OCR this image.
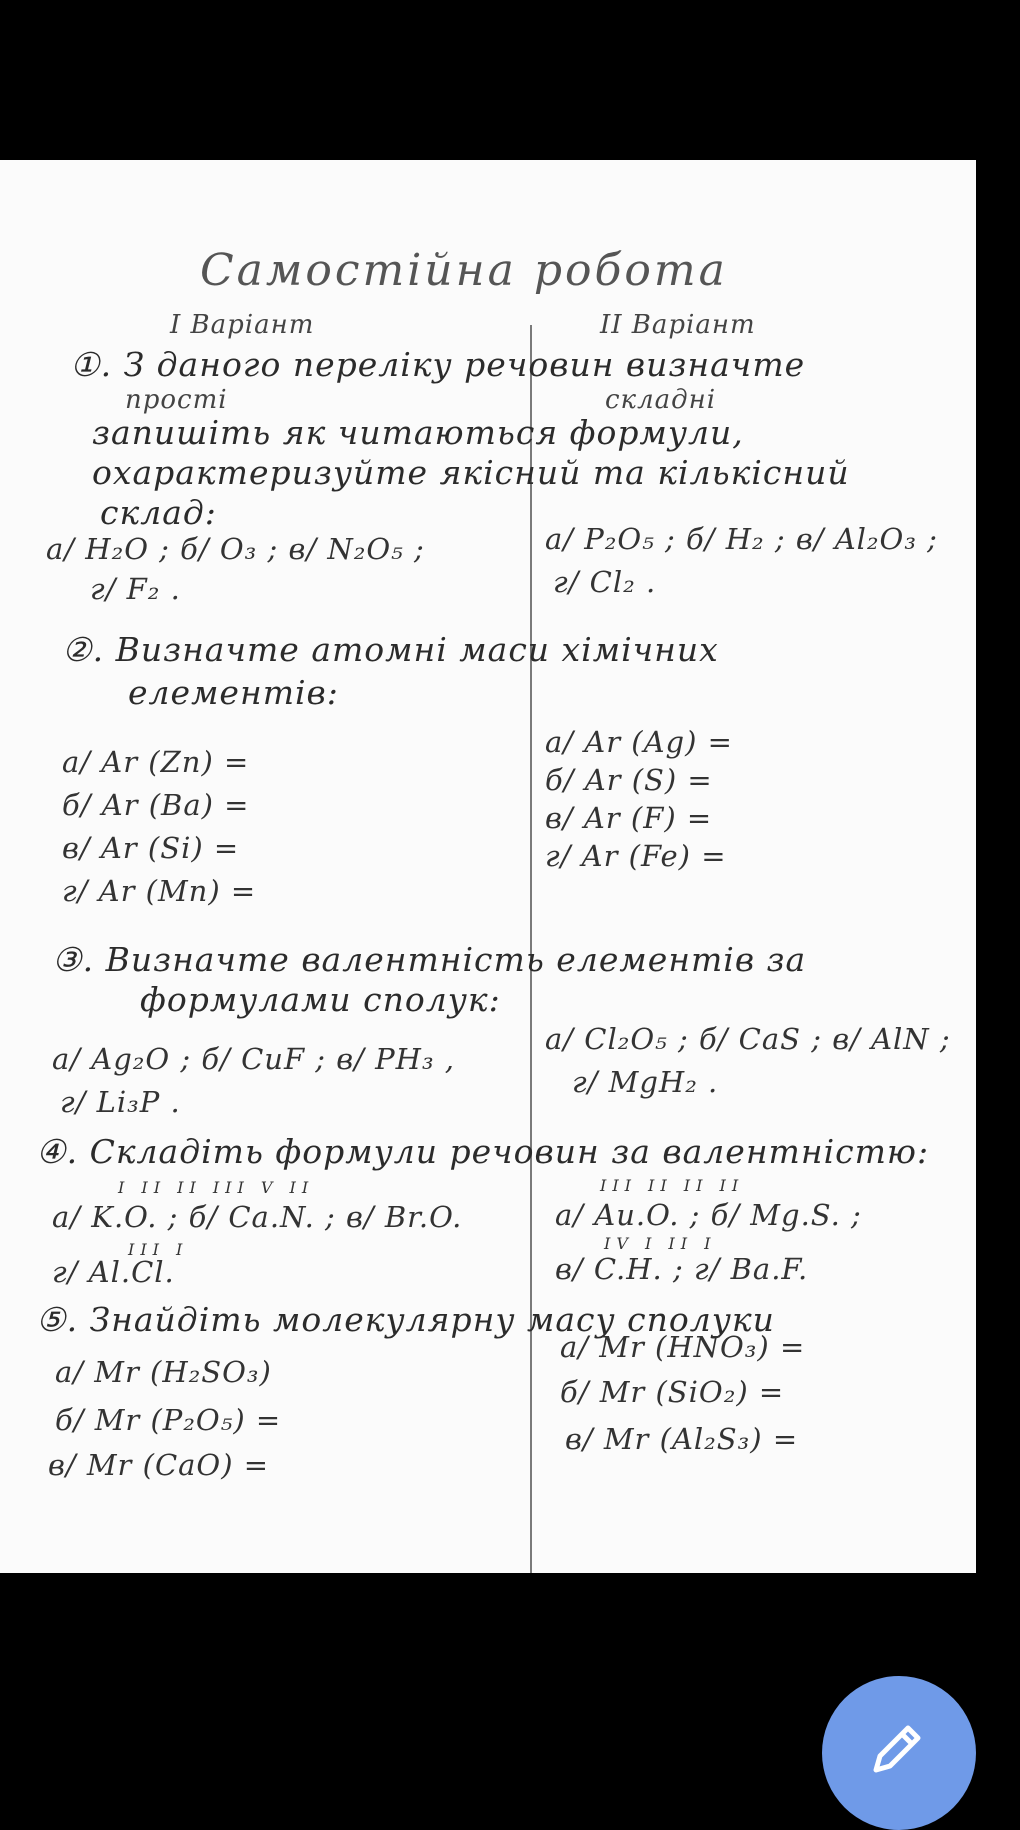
Самостійна робота
I Варіант	II Варіант
①. З даного переліку речовин визначте
прості	складні
запишіть як читаються формули,
охарактеризуйте якісний та кількісний
склад:
а/ H₂O ; б/ O₃ ; в/ N₂O₅ ;
г/ F₂ .
а/ P₂O₅ ; б/ H₂ ; в/ Al₂O₃ ;
г/ Cl₂ .
②. Визначте атомні маси хімічних
елементів:
а/ Ar (Zn) =
б/ Ar (Ba) =
в/ Ar (Si) =
г/ Ar (Mn) =
а/ Ar (Ag) =
б/ Ar (S) =
в/ Ar (F) =
г/ Ar (Fe) =
③. Визначте валентність елементів за
формулами сполук:
а/ Ag₂O ; б/ CuF ; в/ PH₃ ,
г/ Li₃P .
а/ Cl₂O₅ ; б/ CaS ; в/ AlN ;
г/ MgH₂ .
④. Складіть формули речовин за валентністю:
I II II III V II
а/ K.O. ; б/ Ca.N. ; в/ Br.O.
III I
г/ Al.Cl.
III II II II
а/ Au.O. ; б/ Mg.S. ;
IV I II I
в/ C.H. ; г/ Ba.F.
⑤. Знайдіть молекулярну масу сполуки
а/ Mr (H₂SO₃)
б/ Mr (P₂O₅) =
в/ Mr (CaO) =
а/ Mr (HNO₃) =
б/ Mr (SiO₂) =
в/ Mr (Al₂S₃) =
